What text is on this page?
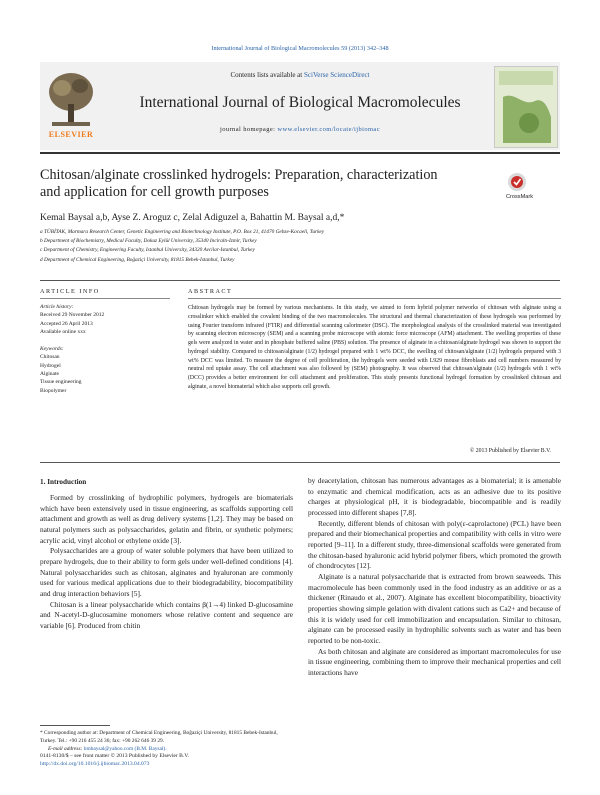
International Journal of Biological Macromolecules 59 (2013) 342–348
ELSEVIER
Contents lists available at SciVerse ScienceDirect
International Journal of Biological Macromolecules
journal homepage: www.elsevier.com/locate/ijbiomac
Chitosan/alginate crosslinked hydrogels: Preparation, characterization and application for cell growth purposes	CrossMark
Kemal Baysal a,b, Ayse Z. Aroguz c, Zelal Adiguzel a, Bahattin M. Baysal a,d,*
a TÜBİTAK, Marmara Research Center, Genetic Engineering and Biotechnology Institute, P.O. Box 21, 41470 Gebze-Kocaeli, Turkey
b Department of Biochemistry, Medical Faculty, Dokuz Eylül University, 35340 Inciraltı-Izmir, Turkey
c Department of Chemistry, Engineering Faculty, Istanbul University, 34320 Avcilar-Istanbul, Turkey
d Department of Chemical Engineering, Boğaziçi University, 81815 Bebek-Istanbul, Turkey
ARTICLE INFO	ABSTRACT
Article history:
Received 29 November 2012
Accepted 26 April 2013
Available online xxx
Keywords:
Chitosan
Hydrogel
Alginate
Tissue engineering
Biopolymer
Chitosan hydrogels may be formed by various mechanisms. In this study, we aimed to form hybrid polymer networks of chitosan with alginate using a crosslinker which enabled the covalent binding of the two macromolecules. The structural and thermal characterization of these hydrogels was performed by using Fourier transform infrared (FTIR) and differential scanning calorimeter (DSC). The morphological analysis of the crosslinked material was investigated by scanning electron microscopy (SEM) and a scanning probe microscope with atomic force microscope (AFM) attachment. The swelling properties of these gels were analyzed in water and in phosphate buffered saline (PBS) solution. The presence of alginate in a chitosan/alginate hydrogel was shown to support the hydrogel stability. Compared to chitosan/alginate (1/2) hydrogel prepared with 1 wt% DCC, the swelling of chitosan/alginate (1/2) hydrogels prepared with 3 wt% DCC was limited. To measure the degree of cell proliferation, the hydrogels were seeded with L929 mouse fibroblasts and cell numbers measured by neutral red uptake assay. The cell attachment was also followed by (SEM) photography. It was observed that chitosan/alginate (1/2) hydrogels with 1 wt% (DCC) provides a better environment for cell attachment and proliferation. This study presents functional hydrogel formation by crosslinked chitosan and alginate, a novel biomaterial which also supports cell growth.
© 2013 Published by Elsevier B.V.
1. Introduction

Formed by crosslinking of hydrophilic polymers, hydrogels are biomaterials which have been extensively used in tissue engineering, as scaffolds supporting cell attachment and growth as well as drug delivery systems [1,2]. They may be based on natural polymers such as polysaccharides, gelatin and fibrin, or synthetic polymers; acrylic acid, vinyl alcohol or ethylene oxide [3].

Polysaccharides are a group of water soluble polymers that have been utilized to prepare hydrogels, due to their ability to form gels under well-defined conditions [4]. Natural polysaccharides such as chitosan, alginates and hyaluronan are commonly used for various medical applications due to their biodegradability, biocompatibility and drug interaction behaviors [5].

Chitosan is a linear polysaccharide which contains β(1→4) linked D-glucosamine and N-acetyl-D-glucosamine monomers whose relative content and sequence are variable [6]. Produced from chitin

by deacetylation, chitosan has numerous advantages as a biomaterial; it is amenable to enzymatic and chemical modification, acts as an adhesive due to its positive charges at physiological pH, it is biodegradable, biocompatible and is readily processed into different shapes [7,8].

Recently, different blends of chitosan with poly(ε-caprolactone) (PCL) have been prepared and their biomechanical properties and compatibility with cells in vitro were reported [9–11]. In a different study, three-dimensional scaffolds were generated from the chitosan-based hyaluronic acid hybrid polymer fibers, which promoted the growth of chondrocytes [12].

Alginate is a natural polysaccharide that is extracted from brown seaweeds. This macromolecule has been commonly used in the food industry as an additive or as a thickener (Rinaudo et al., 2007). Alginate has excellent biocompatibility, bioactivity properties showing simple gelation with divalent cations such as Ca2+ and because of this it is widely used for cell immobilization and encapsulation. Similar to chitosan, alginate can be processed easily in hydrophilic solvents such as water and has been reported to be non-toxic.

As both chitosan and alginate are considered as important macromolecules for use in tissue engineering, combining them to improve their mechanical properties and cell interactions have

* Corresponding author at: Department of Chemical Engineering, Boğaziçi University, 81815 Bebek-Istanbul, Turkey. Tel.: +90 216 455 24 36; fax: +90 262 646 39 29.
E-mail address: bmbaysal@yahoo.com (B.M. Baysal).
0141-8130/$ – see front matter © 2013 Published by Elsevier B.V.
http://dx.doi.org/10.1016/j.ijbiomac.2013.04.073
